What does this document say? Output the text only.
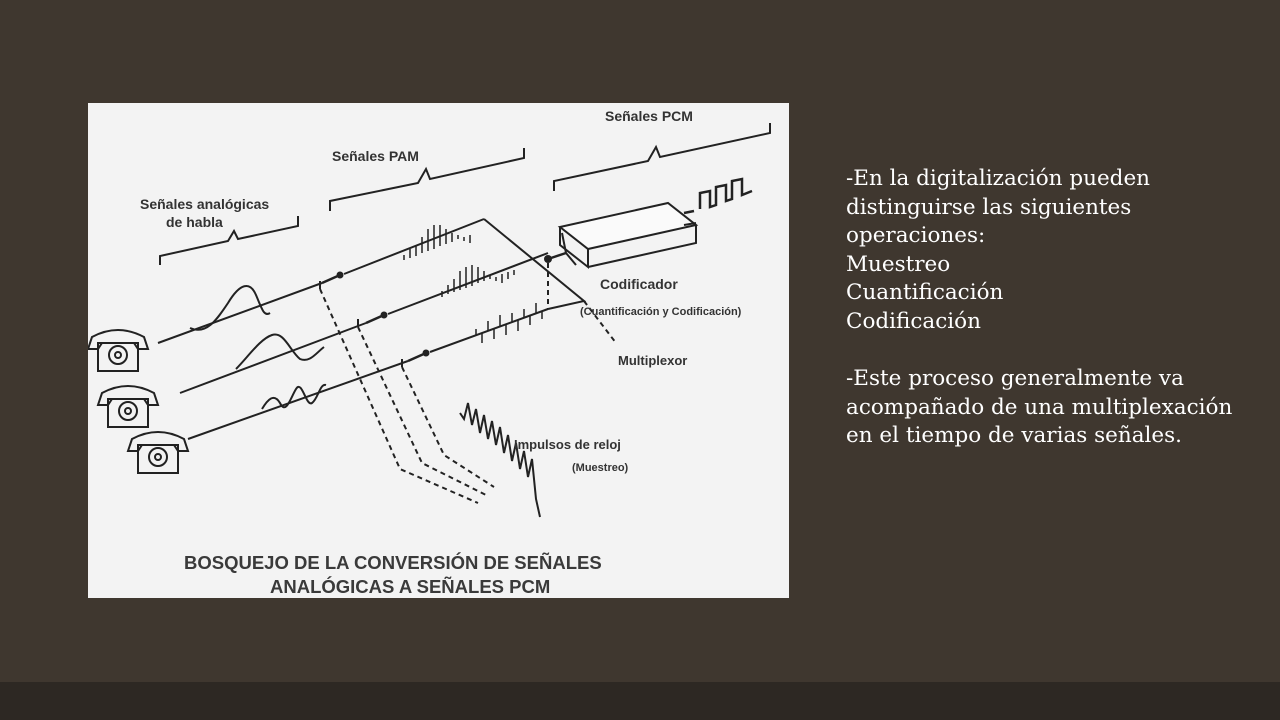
Señales analógicas
de habla
Señales PAM
Señales PCM
Multiplexor
Codificador
(Cuantificación y Codificación)
Impulsos de reloj
(Muestreo)
BOSQUEJO DE LA CONVERSIÓN DE SEÑALES
ANALÓGICAS A SEÑALES PCM

-En la digitalización pueden distinguirse las siguientes operaciones:

Muestreo

Cuantificación

Codificación

-Este proceso generalmente va acompañado de una multiplexación en el tiempo de varias señales.
